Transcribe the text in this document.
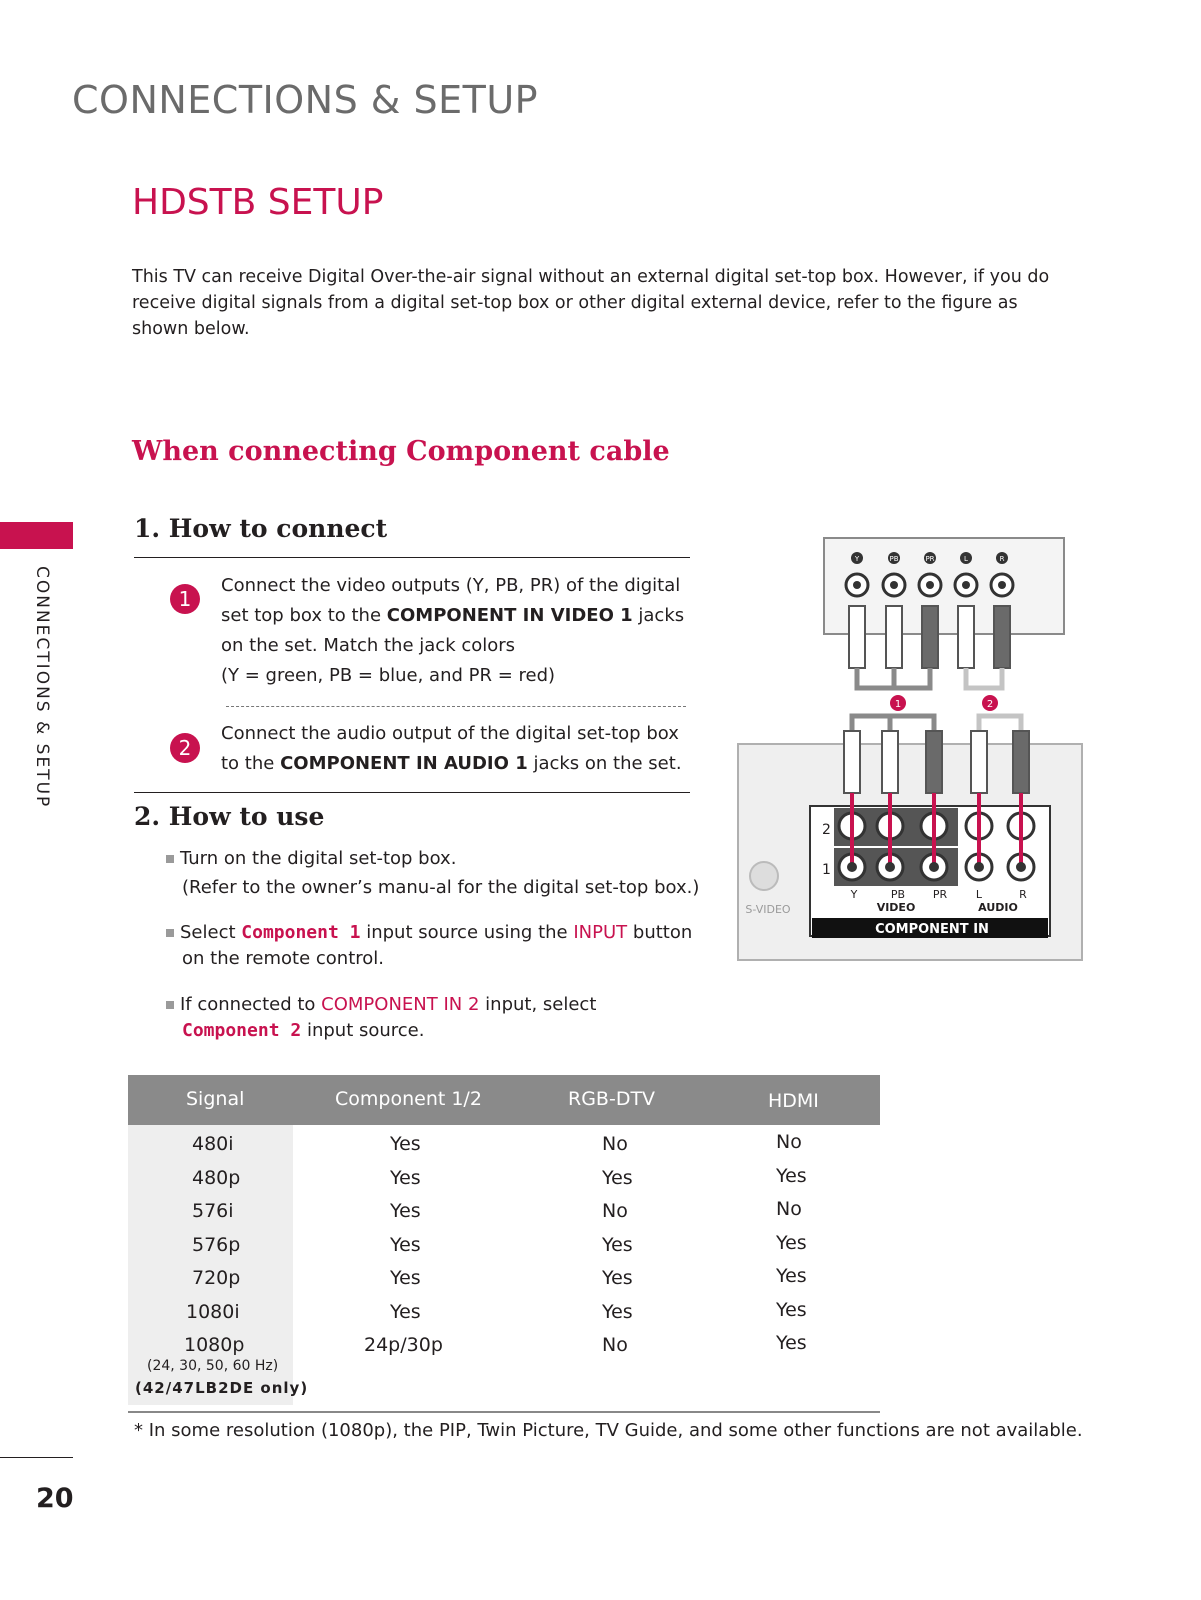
CONNECTIONS & SETUP
HDSTB SETUP

This TV can receive Digital Over-the-air signal without an external digital set-top box. However, if you do receive digital signals from a digital set-top box or other digital external device, refer to the figure as shown below.

When connecting Component cable
CONNECTIONS & SETUP
1. How to connect
1
Connect the video outputs (Y, PB, PR) of the digital set top box to the COMPONENT IN VIDEO 1 jacks on the set. Match the jack colors
(Y = green, PB = blue, and PR = red)
2
Connect the audio output of the digital set-top box to the COMPONENT IN AUDIO 1 jacks on the set.
2. How to use
Turn on the digital set-top box.
(Refer to the owner’s manu-al for the digital set-top box.)
Select Component 1 input source using the INPUT button
on the remote control.
If connected to COMPONENT IN 2 input, select
Component 2 input source.
Y	PB	PR	L	R
1	2
S-VIDEO
2
1
Y	PB	PR	L	R
VIDEO	AUDIO
COMPONENT IN
Signal	Component 1/2	RGB-DTV	HDMI
480i	Yes	No	No
480p	Yes	Yes	Yes
576i	Yes	No	No
576p	Yes	Yes	Yes
720p	Yes	Yes	Yes
1080i	Yes	Yes	Yes
1080p	24p/30p	No	Yes
(24, 30, 50, 60 Hz)
(42/47LB2DE only)
* In some resolution (1080p), the PIP, Twin Picture, TV Guide, and some other functions are not available.
20
